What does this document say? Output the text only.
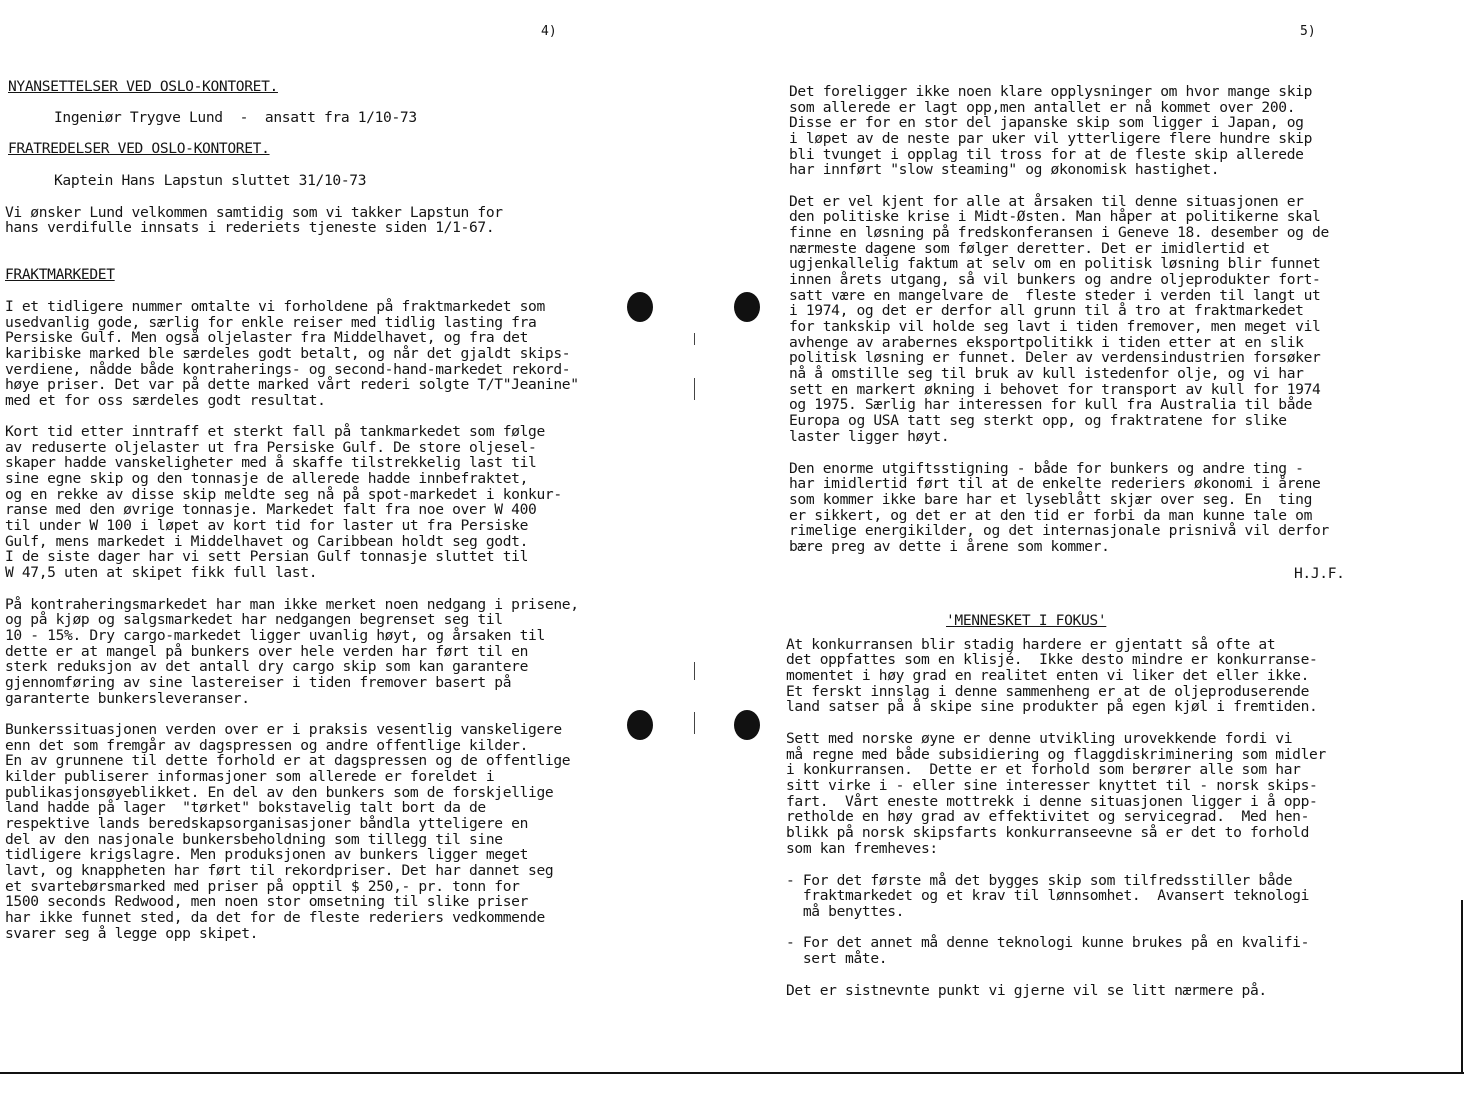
4)
NYANSETTELSER VED OSLO-KONTORET.
Ingeniør Trygve Lund  -  ansatt fra 1/10-73
FRATREDELSER VED OSLO-KONTORET.
Kaptein Hans Lapstun sluttet 31/10-73
Vi ønsker Lund velkommen samtidig som vi takker Lapstun for
hans verdifulle innsats i rederiets tjeneste siden 1/1-67.
FRAKTMARKEDET
I et tidligere nummer omtalte vi forholdene på fraktmarkedet som
usedvanlig gode, særlig for enkle reiser med tidlig lasting fra
Persiske Gulf. Men også oljelaster fra Middelhavet, og fra det
karibiske marked ble særdeles godt betalt, og når det gjaldt skips-
verdiene, nådde både kontraherings- og second-hand-markedet rekord-
høye priser. Det var på dette marked vårt rederi solgte T/T"Jeanine"
med et for oss særdeles godt resultat.
Kort tid etter inntraff et sterkt fall på tankmarkedet som følge
av reduserte oljelaster ut fra Persiske Gulf. De store oljesel-
skaper hadde vanskeligheter med å skaffe tilstrekkelig last til
sine egne skip og den tonnasje de allerede hadde innbefraktet,
og en rekke av disse skip meldte seg nå på spot-markedet i konkur-
ranse med den øvrige tonnasje. Markedet falt fra noe over W 400
til under W 100 i løpet av kort tid for laster ut fra Persiske
Gulf, mens markedet i Middelhavet og Caribbean holdt seg godt.
I de siste dager har vi sett Persian Gulf tonnasje sluttet til
W 47,5 uten at skipet fikk full last.
På kontraheringsmarkedet har man ikke merket noen nedgang i prisene,
og på kjøp og salgsmarkedet har nedgangen begrenset seg til
10 - 15%. Dry cargo-markedet ligger uvanlig høyt, og årsaken til
dette er at mangel på bunkers over hele verden har ført til en
sterk reduksjon av det antall dry cargo skip som kan garantere
gjennomføring av sine lastereiser i tiden fremover basert på
garanterte bunkersleveranser.
Bunkerssituasjonen verden over er i praksis vesentlig vanskeligere
enn det som fremgår av dagspressen og andre offentlige kilder.
En av grunnene til dette forhold er at dagspressen og de offentlige
kilder publiserer informasjoner som allerede er foreldet i
publikasjonsøyeblikket. En del av den bunkers som de forskjellige
land hadde på lager  "tørket" bokstavelig talt bort da de
respektive lands beredskapsorganisasjoner båndla ytteligere en
del av den nasjonale bunkersbeholdning som tillegg til sine
tidligere krigslagre. Men produksjonen av bunkers ligger meget
lavt, og knappheten har ført til rekordpriser. Det har dannet seg
et svartebørsmarked med priser på opptil $ 250,- pr. tonn for
1500 seconds Redwood, men noen stor omsetning til slike priser
har ikke funnet sted, da det for de fleste rederiers vedkommende
svarer seg å legge opp skipet.
5)
Det foreligger ikke noen klare opplysninger om hvor mange skip
som allerede er lagt opp,men antallet er nå kommet over 200.
Disse er for en stor del japanske skip som ligger i Japan, og
i løpet av de neste par uker vil ytterligere flere hundre skip
bli tvunget i opplag til tross for at de fleste skip allerede
har innført "slow steaming" og økonomisk hastighet.
Det er vel kjent for alle at årsaken til denne situasjonen er
den politiske krise i Midt-Østen. Man håper at politikerne skal
finne en løsning på fredskonferansen i Geneve 18. desember og de
nærmeste dagene som følger deretter. Det er imidlertid et
ugjenkallelig faktum at selv om en politisk løsning blir funnet
innen årets utgang, så vil bunkers og andre oljeprodukter fort-
satt være en mangelvare de  fleste steder i verden til langt ut
i 1974, og det er derfor all grunn til å tro at fraktmarkedet
for tankskip vil holde seg lavt i tiden fremover, men meget vil
avhenge av arabernes eksportpolitikk i tiden etter at en slik
politisk løsning er funnet. Deler av verdensindustrien forsøker
nå å omstille seg til bruk av kull istedenfor olje, og vi har
sett en markert økning i behovet for transport av kull for 1974
og 1975. Særlig har interessen for kull fra Australia til både
Europa og USA tatt seg sterkt opp, og fraktratene for slike
laster ligger høyt.
Den enorme utgiftsstigning - både for bunkers og andre ting -
har imidlertid ført til at de enkelte rederiers økonomi i årene
som kommer ikke bare har et lyseblått skjær over seg. En  ting
er sikkert, og det er at den tid er forbi da man kunne tale om
rimelige energikilder, og det internasjonale prisnivå vil derfor
bære preg av dette i årene som kommer.
H.J.F.
'MENNESKET I FOKUS'
At konkurransen blir stadig hardere er gjentatt så ofte at
det oppfattes som en klisjé.  Ikke desto mindre er konkurranse-
momentet i høy grad en realitet enten vi liker det eller ikke.
Et ferskt innslag i denne sammenheng er at de oljeproduserende
land satser på å skipe sine produkter på egen kjøl i fremtiden.
Sett med norske øyne er denne utvikling urovekkende fordi vi
må regne med både subsidiering og flaggdiskriminering som midler
i konkurransen.  Dette er et forhold som berører alle som har
sitt virke i - eller sine interesser knyttet til - norsk skips-
fart.  Vårt eneste mottrekk i denne situasjonen ligger i å opp-
retholde en høy grad av effektivitet og servicegrad.  Med hen-
blikk på norsk skipsfarts konkurranseevne så er det to forhold
som kan fremheves:
- For det første må det bygges skip som tilfredsstiller både
fraktmarkedet og et krav til lønnsomhet.  Avansert teknologi
må benyttes.
- For det annet må denne teknologi kunne brukes på en kvalifi-
sert måte.
Det er sistnevnte punkt vi gjerne vil se litt nærmere på.
